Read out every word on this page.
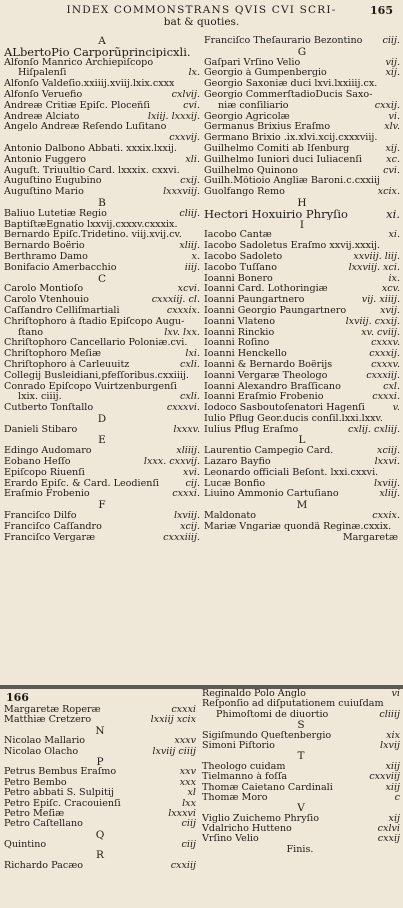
INDEX COMMONSTRANS QVIS CVI SCRI-
bat & quoties.
165
A
ALbertoPio Carporũprincipicxli.
Alfonſo Manrico Archiepiſcopo
Hiſpalenſi	lx.
Alfonſo Valdeſio.xxiiij.xviij.lxix.cxxx
Alfonſo Veruefio	cxlvij.
Andreæ Critiæ Epiſc. Ploceñſi	cvi.
Andreæ Alciato	lxiij. lxxxij.
Angelo Andreæ Reſendo Luſitano
cxxvij.
Antonio Dalbono Abbati. xxxix.lxxij.
Antonio Fuggero	xli.
Auguſt. Triuultio Card. lxxxix. cxxvi.
Auguſtino Eugubino	cxij.
Auguſtino Mario	lxxxviij.
B
Baliuo Lutetiæ Regio	cliij.
BaptiſtæEgnatio lxxvij.cxxxv.cxxxix.
Bernardo Epiſc.Tridetino. viij.xvij.cv.
Bernardo Boërio	xliij.
Berthramo Damo	x.
Bonifacio Amerbacchio	iiij.
C
Carolo Montioſo	xcvi.
Carolo Vtenhouio	cxxxiij. cl.
Caſſandro Celliſmartiali	cxxxix.
Chriſtophoro à ſtadio Epiſcopo Augu-
ſtano	lxv. lxx.
Chriſtophoro Cancellario Poloniæ.cvi.
Chriſtophoro Meſiæ	lxi.
Chriſtophoro à Carleuuitz	cxli.
Collegij Busleidiani,pfeſſoribus.cxxiiij.
Conrado Epiſcopo Vuirtzenburgenſi
lxix. ciiij.	cxli.
Cutberto Tonſtallo	cxxxvi.
D
Danieli Stibaro	lxxxv.
E
Edingo Audomaro	xliiij.
Eobano Heſſo	lxxx. cxxvij.
Epiſcopo Riuenſi	xvi.
Erardo Epiſc. & Card. Leodienſi	cij.
Eraſmio Frobenio	cxxxi.
F
Franciſco Dilfo	lxviij.
Franciſco Caſſandro	xcij.
Franciſco Vergaræ	cxxxiiij.
Franciſco Theſaurario Bezontino ciij.
G
Gaſpari Vrſino Velio	vij.
Georgio à Gumpenbergio	xij.
Georgio Saxoniæ duci lxvi.lxxiiij.cx.
Georgio CommerſtadioDucis Saxo-
niæ conſiliario	cxxij.
Georgio Agricolæ	vi.
Germanus Brixius Eraſmo	xlv.
Germano Brixio .ix.xlvi.xcij.cxxxviij.
Guilhelmo Comiti ab Iſenburg	xij.
Guilhelmo Iuniori duci Iuliacenſi	xc.
Guilhelmo Quinono	cvi.
Guilh.Môtioio Angliæ Baroni.c.cxxiij
Guolfango Remo	xcix.
H
Hectori Hoxuirio Phryſio	xi.
I
Iacobo Cantæ	xi.
Iacobo Sadoletus Eraſmo xxvij.xxxij.
Iacobo Sadoleto	xxviij. liij.
Iacobo Tuſſano	lxxviij. xci.
Ioanni Bonero	ix.
Ioanni Card. Lothoringiæ	xcv.
Ioanni Paungartnero	vij. xiiij.
Ioanni Georgio Paungartnero	xvij.
Ioanni Vlateno	lxviij. cxxij.
Ioanni Rinckio	xv. cviij.
Ioanni Roſino	cxxxv.
Ioanni Henckello	cxxxij.
Ioanni & Bernardo Boërijs	cxxxv.
Ioanni Vergaræ Theologo	cxxxiij.
Ioanni Alexandro Braſſicano	cxl.
Ioanni Eraſmio Frobenio	cxxxi.
Iodoco Sasboutoſenatori Hagenſi	v.
Iulio Pflug Geor.ducis conſil.lxxi.lxxv.
Iulius Pflug Eraſmo	cxlij. cxliij.
L
Laurentio Campegio Card.	xciij.
Lazaro Bayfio	lxxvi.
Leonardo officiali Beſont. lxxi.cxxvi.
Lucæ Bonfio	lxviij.
Liuino Ammonio Cartuſiano	xliij.
M
Maldonato	cxxix.
Mariæ Vngariæ quondã Reginæ.cxxix.
Margaretæ
166
Margaretæ Roperæ	cxxxi
Matthiæ Cretzero	lxxiij xcix
N
Nicolao Mallario	xxxv
Nicolao Olacho	lxviij ciiij
P
Petrus Bembus Eraſmo	xxv
Petro Bembo	xxx
Petro abbati S. Sulpitij	xl
Petro Epiſc. Cracouienſi	lxx
Petro Meſiæ	lxxxvi
Petro Caſtellano	ciij
Q
Quintino	ciij
R
Richardo Pacæo	cxxiij
Reginaldo Polo Anglo	vi
Reſponſio ad diſputationem cuiuſdam
Phimoſtomi de diuortio	cliiij
S
Sigiſmundo Queſtenbergio	xix
Simoni Piſtorio	lxvij
T
Theologo cuidam	xiij
Tielmanno à foſſa	cxxviij
Thomæ Caietano Cardinali	xiij
Thomæ Moro	c
V
Viglio Zuichemo Phryſio	xij
Vdalricho Hutteno	cxlvi
Vrſino Velio	cxxij
Finis.
